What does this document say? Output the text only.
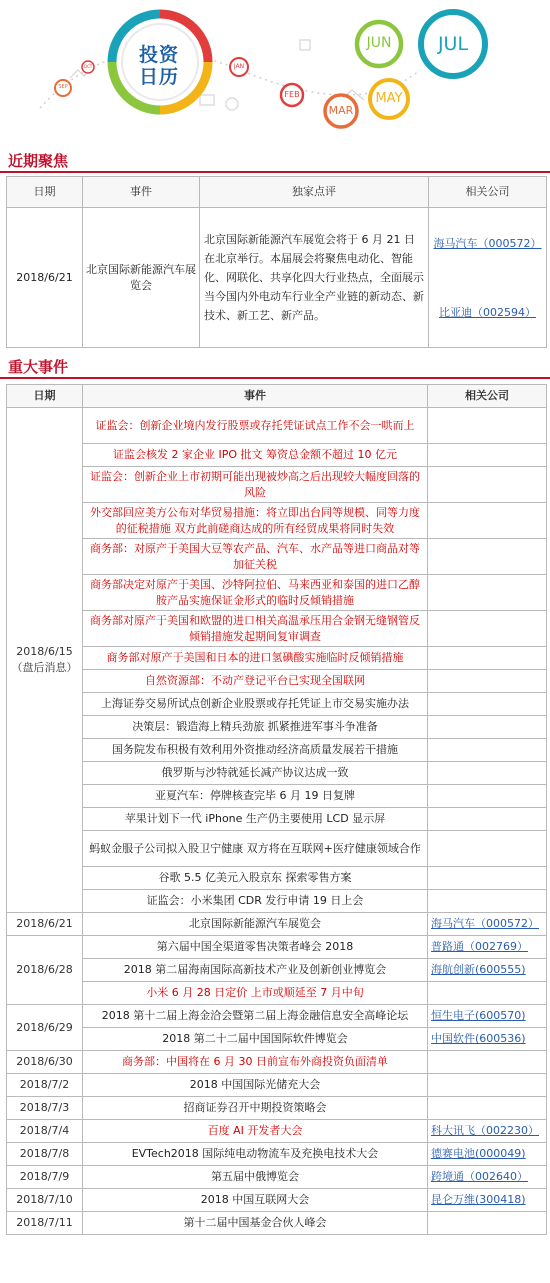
投资
日历
SEP
OCT	JAN
FEB
MAR
MAY
JUN	JUL
近期聚焦
日期	事件	独家点评	相关公司
2018/6/21	北京国际新能源汽车展览会	北京国际新能源汽车展览会将于 6 月 21 日在北京举行。本届展会将聚焦电动化、智能化、网联化、共享化四大行业热点，全面展示当今国内外电动车行业全产业链的新动态、新技术、新工艺、新产品。	海马汽车（000572）
比亚迪（002594）
重大事件
日期	事件	相关公司

2018/6/15
（盘后消息）	证监会：创新企业境内发行股票或存托凭证试点工作不会一哄而上	
	证监会核发 2 家企业 IPO 批文 筹资总金额不超过 10 亿元	
	证监会：创新企业上市初期可能出现被炒高之后出现较大幅度回落的风险	
	外交部回应美方公布对华贸易措施：将立即出台同等规模、同等力度的征税措施 双方此前磋商达成的所有经贸成果将同时失效	
	商务部：对原产于美国大豆等农产品、汽车、水产品等进口商品对等加征关税	
	商务部决定对原产于美国、沙特阿拉伯、马来西亚和泰国的进口乙醇胺产品实施保证金形式的临时反倾销措施	
	商务部对原产于美国和欧盟的进口相关高温承压用合金钢无缝钢管反倾销措施发起期间复审调查	
	商务部对原产于美国和日本的进口氢碘酸实施临时反倾销措施	
	自然资源部：不动产登记平台已实现全国联网	
	上海证券交易所试点创新企业股票或存托凭证上市交易实施办法	
	决策层：锻造海上精兵劲旅 抓紧推进军事斗争准备	
	国务院发布积极有效利用外资推动经济高质量发展若干措施	
	俄罗斯与沙特就延长减产协议达成一致	
	亚夏汽车：停牌核查完毕 6 月 19 日复牌	
	苹果计划下一代 iPhone 生产仍主要使用 LCD 显示屏	
	蚂蚁金服子公司拟入股卫宁健康 双方将在互联网+医疗健康领域合作	
	谷歌 5.5 亿美元入股京东 探索零售方案	
	证监会：小米集团 CDR 发行申请 19 日上会	
2018/6/21	北京国际新能源汽车展览会	海马汽车（000572）
2018/6/28	第六届中国全渠道零售决策者峰会 2018	普路通（002769）
	2018 第二届海南国际高新技术产业及创新创业博览会	海航创新(600555)
	小米 6 月 28 日定价 上市或顺延至 7 月中旬	
2018/6/29	2018 第十二届上海金洽会暨第二届上海金融信息安全高峰论坛	恒生电子(600570)
	2018 第二十二届中国国际软件博览会	中国软件(600536)
2018/6/30	商务部：中国将在 6 月 30 日前宣布外商投资负面清单	
2018/7/2	2018 中国国际光储充大会	
2018/7/3	招商证券召开中期投资策略会	
2018/7/4	百度 AI 开发者大会	科大讯飞（002230）
2018/7/8	EVTech2018 国际纯电动物流车及充换电技术大会	德赛电池(000049)
2018/7/9	第五届中俄博览会	跨境通（002640）
2018/7/10	2018 中国互联网大会	昆仑万维(300418)
2018/7/11	第十二届中国基金合伙人峰会	
